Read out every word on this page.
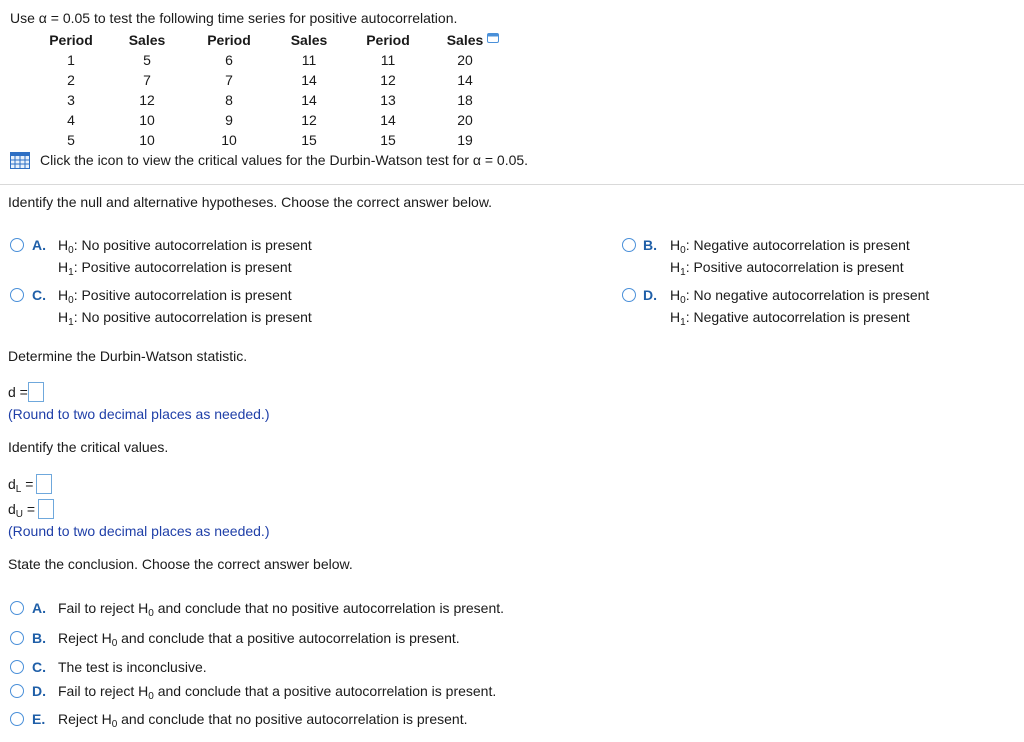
Use α = 0.05 to test the following time series for positive autocorrelation.
Period	Sales	Period	Sales	Period	Sales
1	5	6	11	11	20
2	7	7	14	12	14
3	12	8	14	13	18
4	10	9	12	14	20
5	10	10	15	15	19
Click the icon to view the critical values for the Durbin-Watson test for α = 0.05.
Identify the null and alternative hypotheses. Choose the correct answer below.
A. $H_0$: No positive autocorrelation is present
$H_1$: Positive autocorrelation is present
B. $H_0$: Negative autocorrelation is present
$H_1$: Positive autocorrelation is present
C. $H_0$: Positive autocorrelation is present
$H_1$: No positive autocorrelation is present
D. $H_0$: No negative autocorrelation is present
$H_1$: Negative autocorrelation is present
Determine the Durbin-Watson statistic.
d =
(Round to two decimal places as needed.)
Identify the critical values.
$d_L$ =
$d_U$ =
(Round to two decimal places as needed.)
State the conclusion. Choose the correct answer below.
A. Fail to reject $H_0$ and conclude that no positive autocorrelation is present.
B. Reject $H_0$ and conclude that a positive autocorrelation is present.
C. The test is inconclusive.
D. Fail to reject $H_0$ and conclude that a positive autocorrelation is present.
E. Reject $H_0$ and conclude that no positive autocorrelation is present.
